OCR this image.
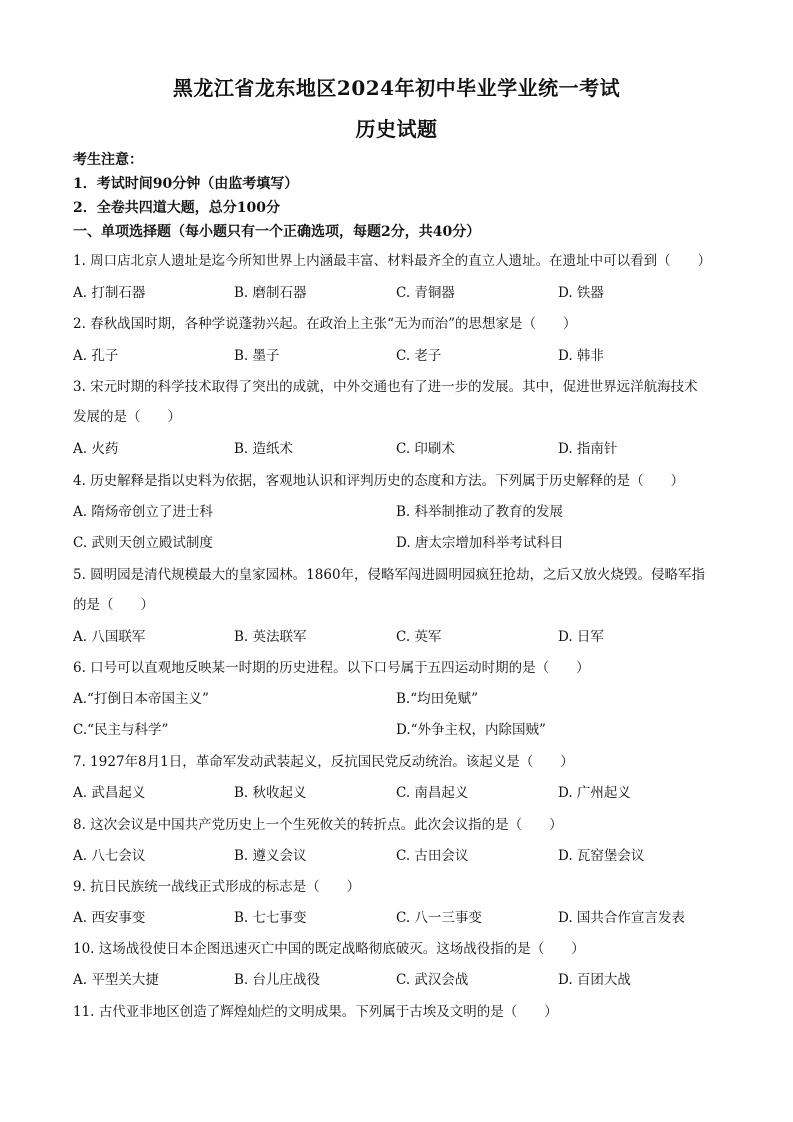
黑龙江省龙东地区2024年初中毕业学业统一考试
历史试题
考生注意：
1．考试时间90分钟（由监考填写）
2．全卷共四道大题，总分100分
一、单项选择题（每小题只有一个正确选项，每题2分，共40分）
1. 周口店北京人遗址是迄今所知世界上内涵最丰富、材料最齐全的直立人遗址。在遗址中可以看到（　　）
A. 打制石器	B. 磨制石器	C. 青铜器	D. 铁器
2. 春秋战国时期，各种学说蓬勃兴起。在政治上主张“无为而治”的思想家是（　　）
A. 孔子	B. 墨子	C. 老子	D. 韩非
3. 宋元时期的科学技术取得了突出的成就，中外交通也有了进一步的发展。其中，促进世界远洋航海技术
发展的是（　　）
A. 火药	B. 造纸术	C. 印刷术	D. 指南针
4. 历史解释是指以史料为依据，客观地认识和评判历史的态度和方法。下列属于历史解释的是（　　）
A. 隋炀帝创立了进士科	B. 科举制推动了教育的发展
C. 武则天创立殿试制度	D. 唐太宗增加科举考试科目
5. 圆明园是清代规模最大的皇家园林。1860年，侵略军闯进圆明园疯狂抢劫，之后又放火烧毁。侵略军指
的是（　　）
A. 八国联军	B. 英法联军	C. 英军	D. 日军
6. 口号可以直观地反映某一时期的历史进程。以下口号属于五四运动时期的是（　　）
A.“打倒日本帝国主义”	B.“均田免赋”
C.“民主与科学”	D.“外争主权，内除国贼”
7. 1927年8月1日，革命军发动武装起义，反抗国民党反动统治。该起义是（　　）
A. 武昌起义	B. 秋收起义	C. 南昌起义	D. 广州起义
8. 这次会议是中国共产党历史上一个生死攸关的转折点。此次会议指的是（　　）
A. 八七会议	B. 遵义会议	C. 古田会议	D. 瓦窑堡会议
9. 抗日民族统一战线正式形成的标志是（　　）
A. 西安事变	B. 七七事变	C. 八一三事变	D. 国共合作宣言发表
10. 这场战役使日本企图迅速灭亡中国的既定战略彻底破灭。这场战役指的是（　　）
A. 平型关大捷	B. 台儿庄战役	C. 武汉会战	D. 百团大战
11. 古代亚非地区创造了辉煌灿烂的文明成果。下列属于古埃及文明的是（　　）
